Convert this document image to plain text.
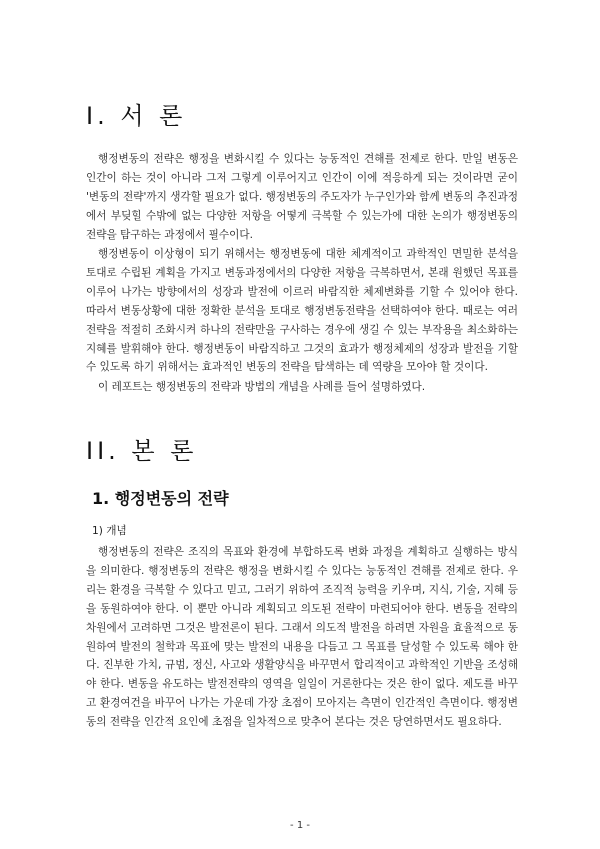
I. 서 론

행정변동의 전략은 행정을 변화시킬 수 있다는 능동적인 견해를 전제로 한다. 만일 변동은 인간이 하는 것이 아니라 그저 그렇게 이루어지고 인간이 이에 적응하게 되는 것이라면 굳이 '변동의 전략'까지 생각할 필요가 없다. 행정변동의 주도자가 누구인가와 함께 변동의 추진과정에서 부딪힐 수밖에 없는 다양한 저항을 어떻게 극복할 수 있는가에 대한 논의가 행정변동의 전략을 탐구하는 과정에서 필수이다.

행정변동이 이상형이 되기 위해서는 행정변동에 대한 체계적이고 과학적인 면밀한 분석을 토대로 수립된 계획을 가지고 변동과정에서의 다양한 저항을 극복하면서, 본래 원했던 목표를 이루어 나가는 방향에서의 성장과 발전에 이르러 바람직한 체제변화를 기할 수 있어야 한다. 따라서 변동상황에 대한 정확한 분석을 토대로 행정변동전략을 선택하여야 한다. 때로는 여러 전략을 적절히 조화시켜 하나의 전략만을 구사하는 경우에 생길 수 있는 부작용을 최소화하는 지혜를 발휘해야 한다. 행정변동이 바람직하고 그것의 효과가 행정체제의 성장과 발전을 기할 수 있도록 하기 위해서는 효과적인 변동의 전략을 탐색하는 데 역량을 모아야 할 것이다.

이 레포트는 행정변동의 전략과 방법의 개념을 사례를 들어 설명하였다.

II. 본 론
1. 행정변동의 전략

1) 개념

행정변동의 전략은 조직의 목표와 환경에 부합하도록 변화 과정을 계획하고 실행하는 방식을 의미한다. 행정변동의 전략은 행정을 변화시킬 수 있다는 능동적인 견해를 전제로 한다. 우리는 환경을 극복할 수 있다고 믿고, 그러기 위하여 조직적 능력을 키우며, 지식, 기술, 지혜 등을 동원하여야 한다. 이 뿐만 아니라 계획되고 의도된 전략이 마련되어야 한다. 변동을 전략의 차원에서 고려하면 그것은 발전론이 된다. 그래서 의도적 발전을 하려면 자원을 효율적으로 동원하여 발전의 철학과 목표에 맞는 발전의 내용을 다듬고 그 목표를 달성할 수 있도록 해야 한다. 진부한 가치, 규범, 정신, 사고와 생활양식을 바꾸면서 합리적이고 과학적인 기반을 조성해야 한다. 변동을 유도하는 발전전략의 영역을 일일이 거론한다는 것은 한이 없다. 제도를 바꾸고 환경여건을 바꾸어 나가는 가운데 가장 초점이 모아지는 측면이 인간적인 측면이다. 행정변동의 전략을 인간적 요인에 초점을 일차적으로 맞추어 본다는 것은 당연하면서도 필요하다.

- 1 -
